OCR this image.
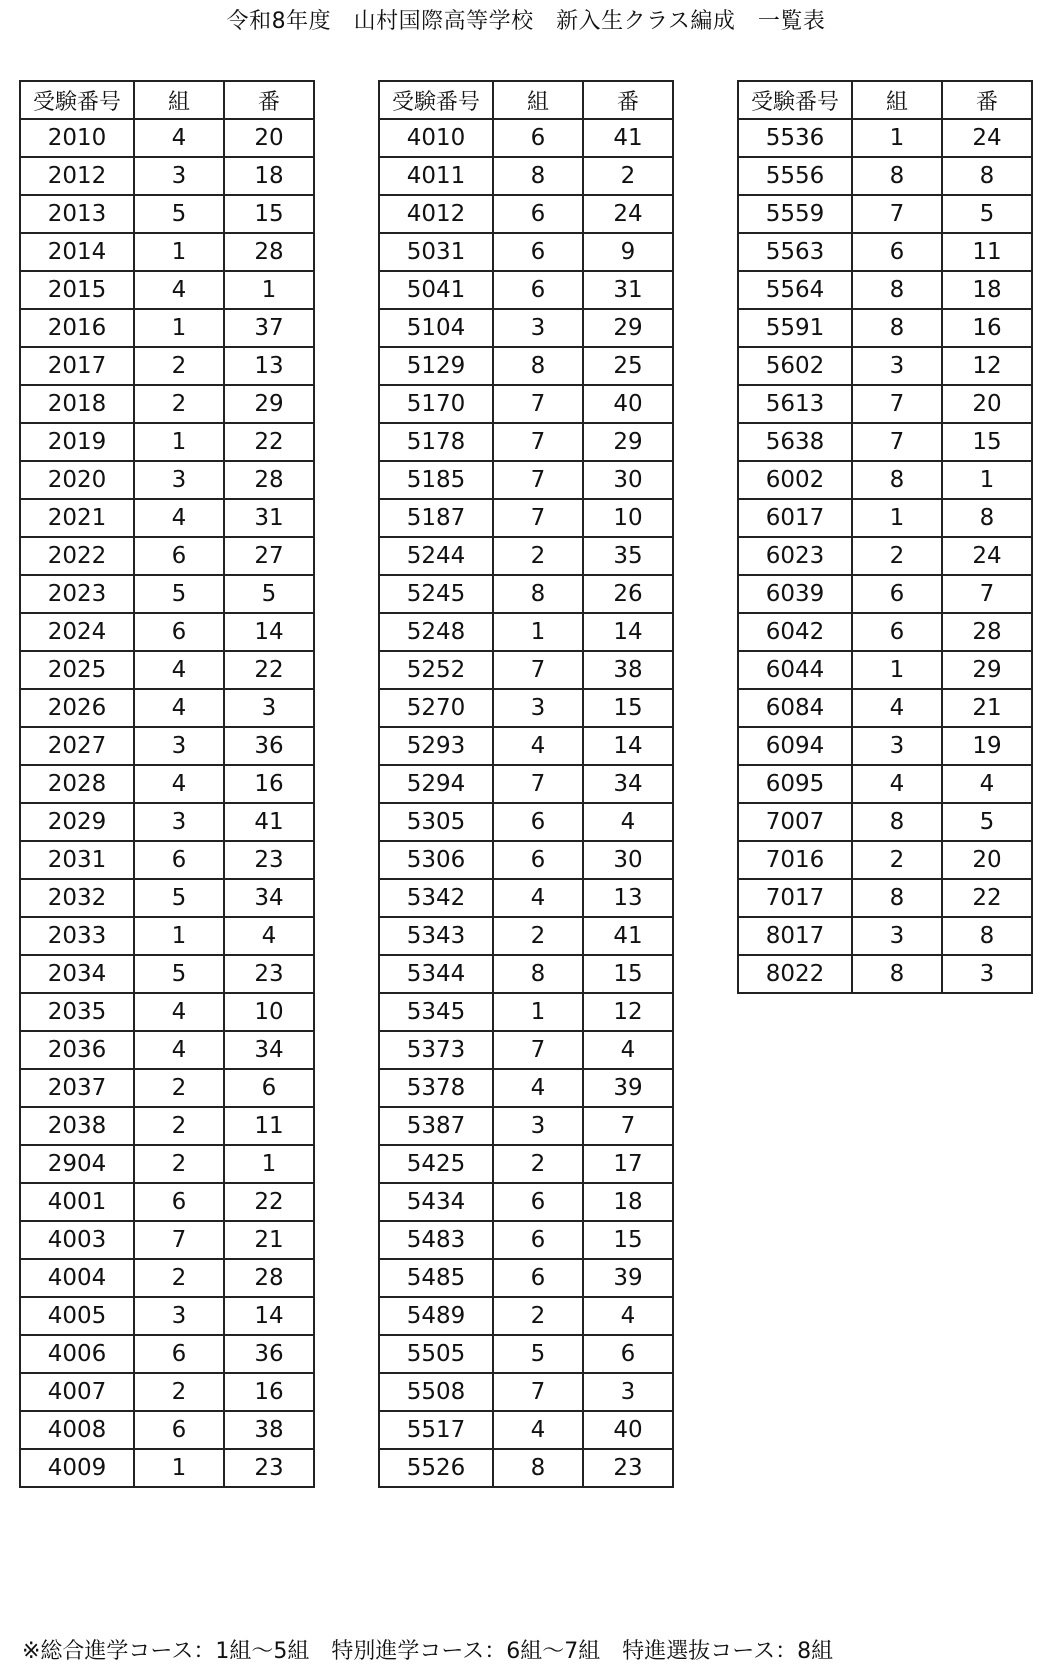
令和8年度　山村国際高等学校　新入生クラス編成　一覧表
受験番号	組	番
2010	4	20
2012	3	18
2013	5	15
2014	1	28
2015	4	1
2016	1	37
2017	2	13
2018	2	29
2019	1	22
2020	3	28
2021	4	31
2022	6	27
2023	5	5
2024	6	14
2025	4	22
2026	4	3
2027	3	36
2028	4	16
2029	3	41
2031	6	23
2032	5	34
2033	1	4
2034	5	23
2035	4	10
2036	4	34
2037	2	6
2038	2	11
2904	2	1
4001	6	22
4003	7	21
4004	2	28
4005	3	14
4006	6	36
4007	2	16
4008	6	38
4009	1	23
受験番号	組	番
4010	6	41
4011	8	2
4012	6	24
5031	6	9
5041	6	31
5104	3	29
5129	8	25
5170	7	40
5178	7	29
5185	7	30
5187	7	10
5244	2	35
5245	8	26
5248	1	14
5252	7	38
5270	3	15
5293	4	14
5294	7	34
5305	6	4
5306	6	30
5342	4	13
5343	2	41
5344	8	15
5345	1	12
5373	7	4
5378	4	39
5387	3	7
5425	2	17
5434	6	18
5483	6	15
5485	6	39
5489	2	4
5505	5	6
5508	7	3
5517	4	40
5526	8	23
受験番号	組	番
5536	1	24
5556	8	8
5559	7	5
5563	6	11
5564	8	18
5591	8	16
5602	3	12
5613	7	20
5638	7	15
6002	8	1
6017	1	8
6023	2	24
6039	6	7
6042	6	28
6044	1	29
6084	4	21
6094	3	19
6095	4	4
7007	8	5
7016	2	20
7017	8	22
8017	3	8
8022	8	3
※総合進学コース：1組～5組　特別進学コース：6組～7組　特進選抜コース：8組
